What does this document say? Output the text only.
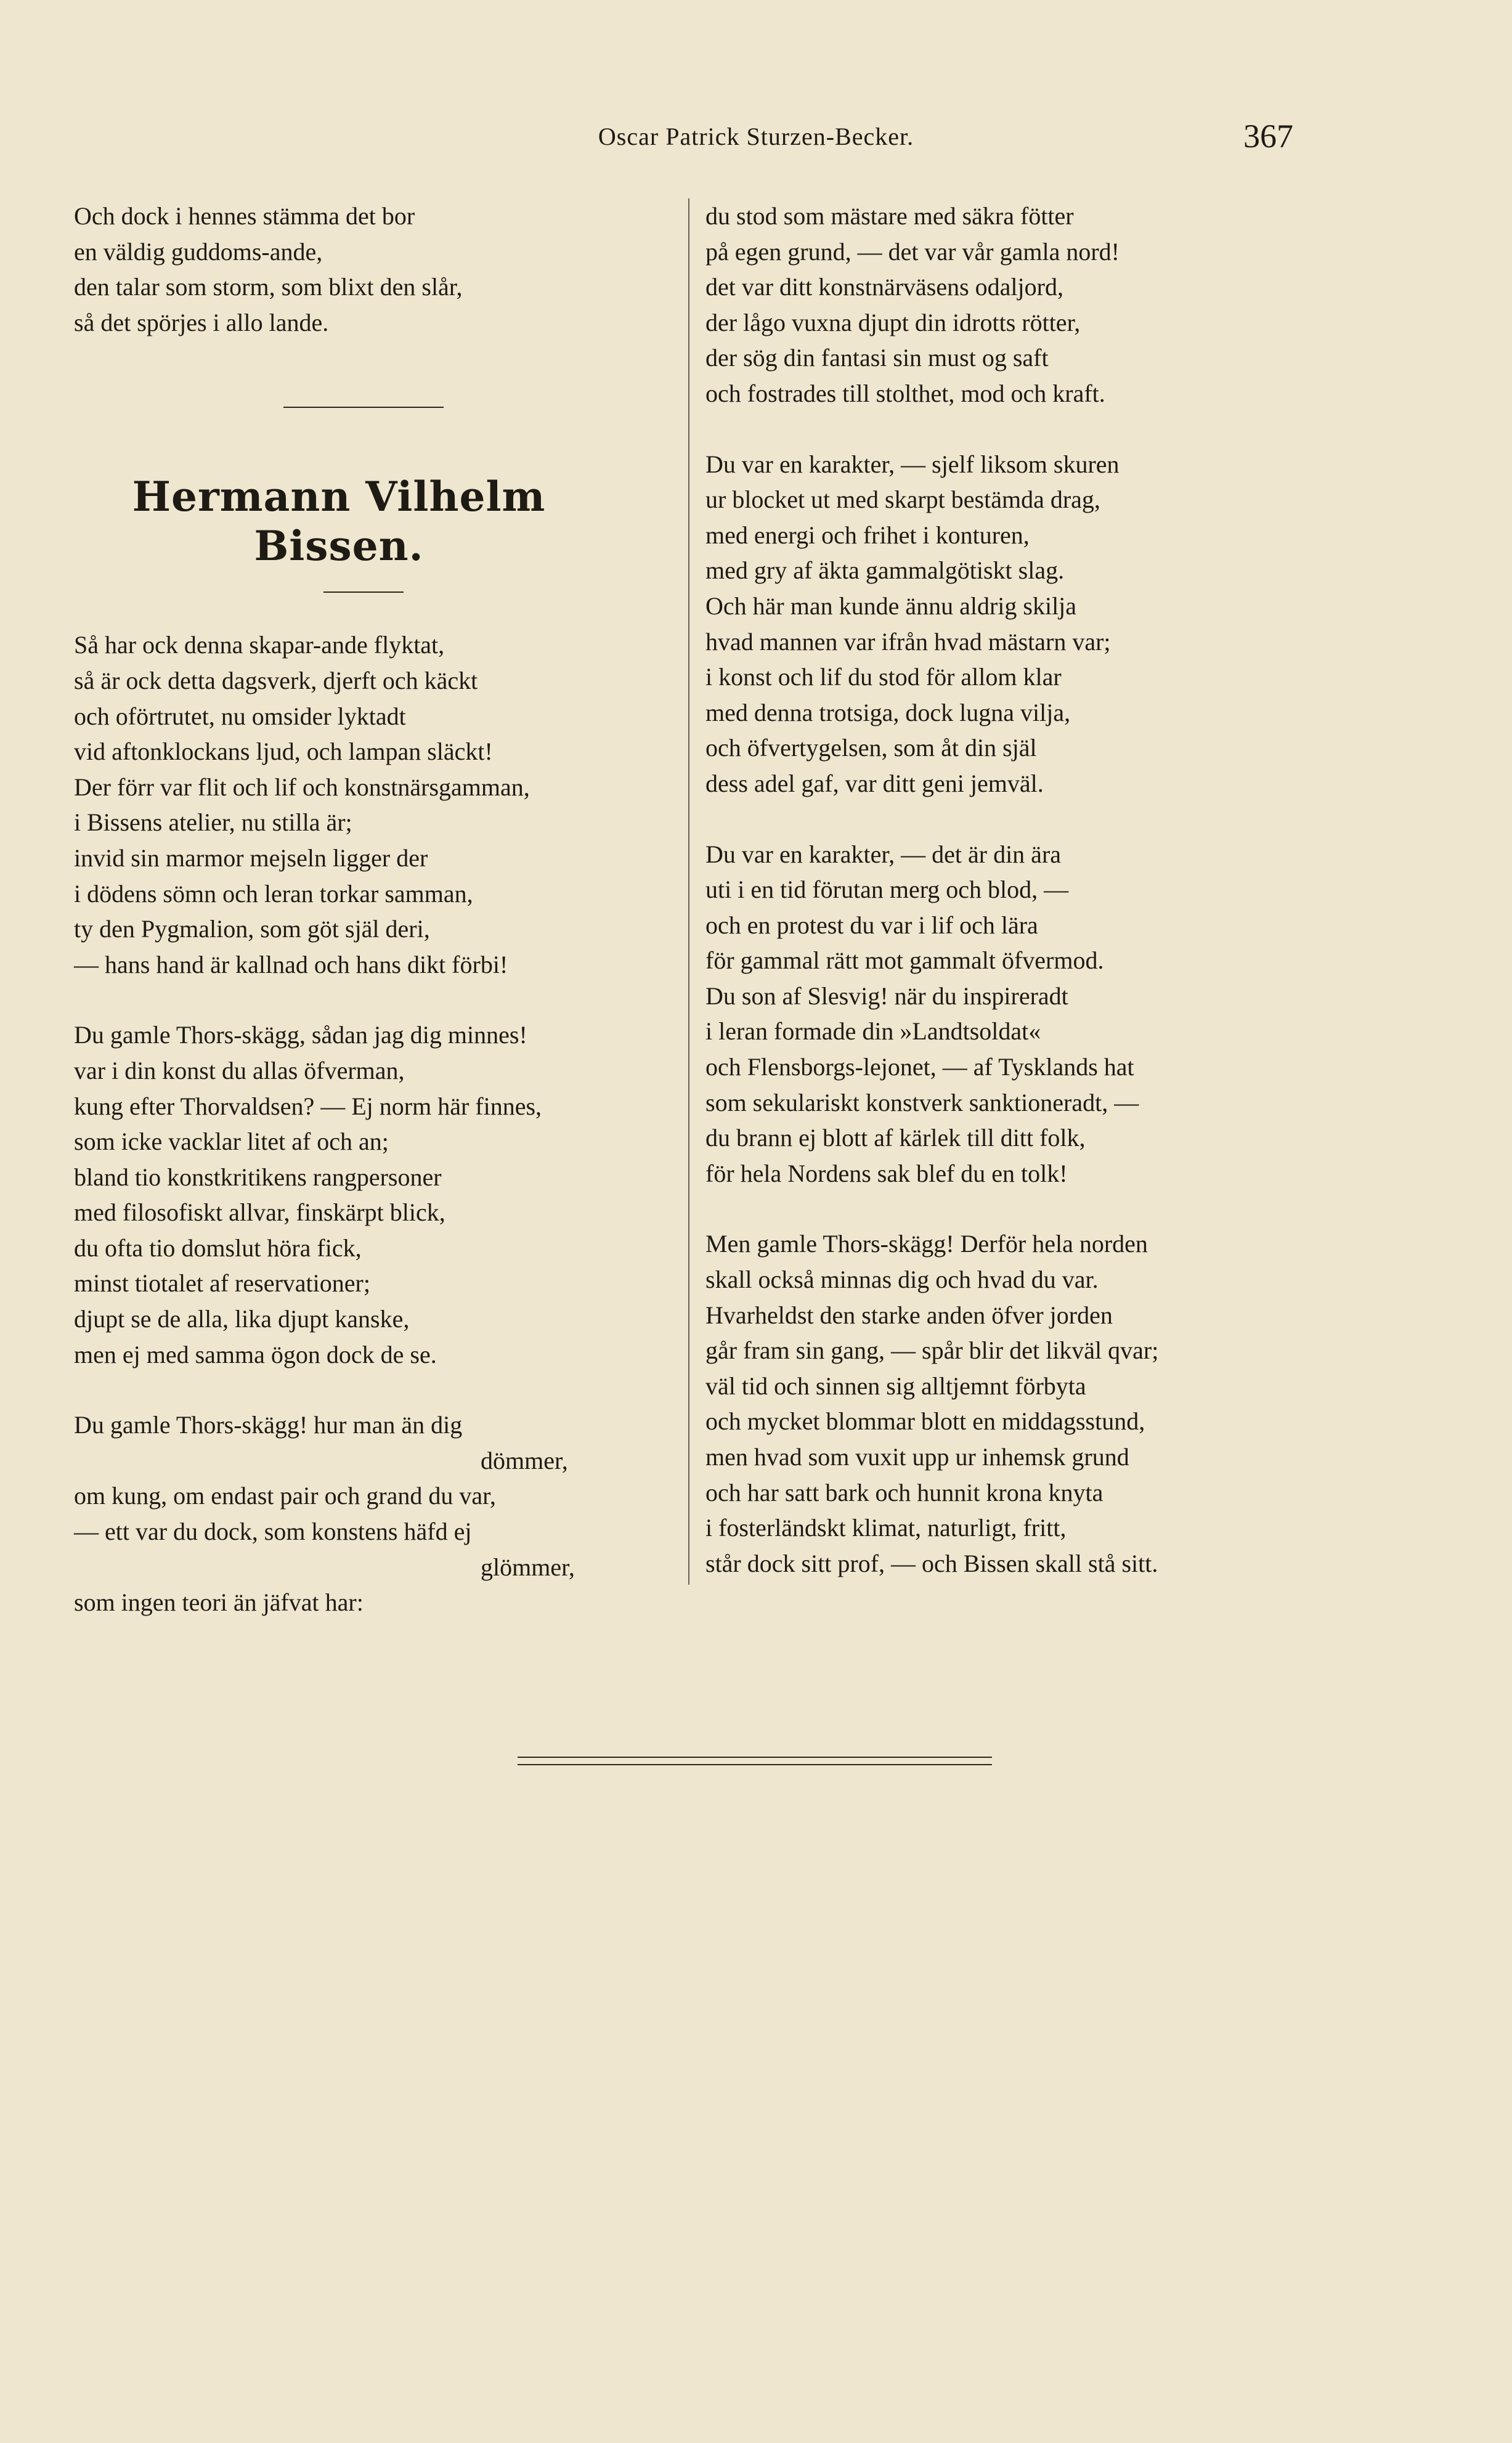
Oscar Patrick Sturzen-Becker.	367
Och dock i hennes stämma det bor
en väldig guddoms-ande,
den talar som storm, som blixt den slår,
så det spörjes i allo lande.
Hermann Vilhelm Bissen.
Så har ock denna skapar-ande flyktat,
så är ock detta dagsverk, djerft och käckt
och oförtrutet, nu omsider lyktadt
vid aftonklockans ljud, och lampan släckt!
Der förr var flit och lif och konstnärsgamman,
i Bissens atelier, nu stilla är;
invid sin marmor mejseln ligger der
i dödens sömn och leran torkar samman,
ty den Pygmalion, som göt själ deri,
— hans hand är kallnad och hans dikt förbi!
Du gamle Thors-skägg, sådan jag dig minnes!
var i din konst du allas öfverman,
kung efter Thorvaldsen? — Ej norm här finnes,
som icke vacklar litet af och an;
bland tio konstkritikens rangpersoner
med filosofiskt allvar, finskärpt blick,
du ofta tio domslut höra fick,
minst tiotalet af reservationer;
djupt se de alla, lika djupt kanske,
men ej med samma ögon dock de se.
Du gamle Thors-skägg! hur man än dig
dömmer,
om kung, om endast pair och grand du var,
— ett var du dock, som konstens häfd ej
glömmer,
som ingen teori än jäfvat har:
du stod som mästare med säkra fötter
på egen grund, — det var vår gamla nord!
det var ditt konstnärväsens odaljord,
der lågo vuxna djupt din idrotts rötter,
der sög din fantasi sin must og saft
och fostrades till stolthet, mod och kraft.
Du var en karakter, — sjelf liksom skuren
ur blocket ut med skarpt bestämda drag,
med energi och frihet i konturen,
med gry af äkta gammalgötiskt slag.
Och här man kunde ännu aldrig skilja
hvad mannen var ifrån hvad mästarn var;
i konst och lif du stod för allom klar
med denna trotsiga, dock lugna vilja,
och öfvertygelsen, som åt din själ
dess adel gaf, var ditt geni jemväl.
Du var en karakter, — det är din ära
uti i en tid förutan merg och blod, —
och en protest du var i lif och lära
för gammal rätt mot gammalt öfvermod.
Du son af Slesvig! när du inspireradt
i leran formade din »Landtsoldat«
och Flensborgs-lejonet, — af Tysklands hat
som sekulariskt konstverk sanktioneradt, —
du brann ej blott af kärlek till ditt folk,
för hela Nordens sak blef du en tolk!
Men gamle Thors-skägg! Derför hela norden
skall också minnas dig och hvad du var.
Hvarheldst den starke anden öfver jorden
går fram sin gang, — spår blir det likväl qvar;
väl tid och sinnen sig alltjemnt förbyta
och mycket blommar blott en middagsstund,
men hvad som vuxit upp ur inhemsk grund
och har satt bark och hunnit krona knyta
i fosterländskt klimat, naturligt, fritt,
står dock sitt prof, — och Bissen skall stå sitt.
